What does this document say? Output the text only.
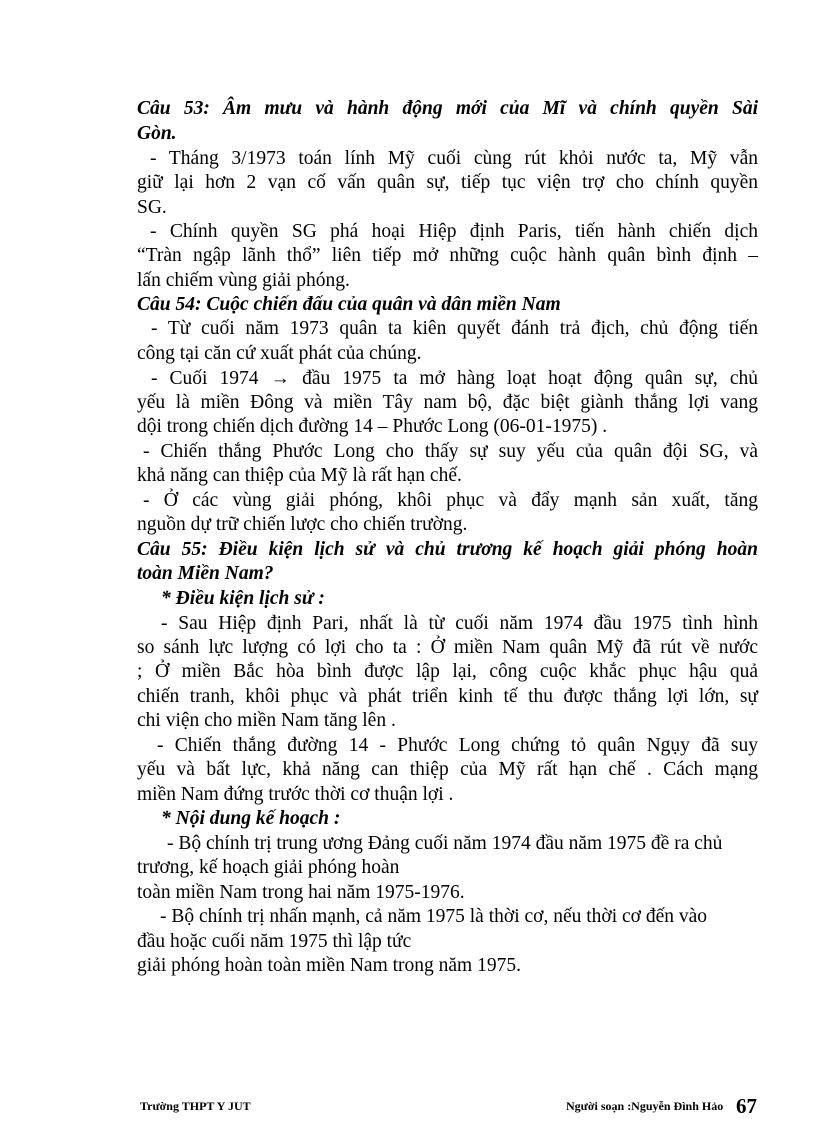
Câu 53: Âm mưu và hành động mới của Mĩ và chính quyền Sài
Gòn.
- Tháng 3/1973 toán lính Mỹ cuối cùng rút khỏi nước ta, Mỹ vẫn
giữ lại hơn 2 vạn cố vấn quân sự, tiếp tục viện trợ cho chính quyền
SG.
- Chính quyền SG phá hoại Hiệp định Paris, tiến hành chiến dịch
“Tràn ngập lãnh thổ” liên tiếp mở những cuộc hành quân bình định –
lấn chiếm vùng giải phóng.
Câu 54: Cuộc chiến đấu của quân và dân miền Nam
- Từ cuối năm 1973 quân ta kiên quyết đánh trả địch, chủ động tiến
công tại căn cứ xuất phát của chúng.
- Cuối 1974 → đầu 1975 ta mở hàng loạt hoạt động quân sự, chủ
yếu là miền Đông và miền Tây nam bộ, đặc biệt giành thắng lợi vang
dội trong chiến dịch đường 14 – Phước Long (06-01-1975) .
- Chiến thắng Phước Long cho thấy sự suy yếu của quân đội SG, và
khả năng can thiệp của Mỹ là rất hạn chế.
- Ở các vùng giải phóng, khôi phục và đẩy mạnh sản xuất, tăng
nguồn dự trữ chiến lược cho chiến trường.
Câu 55: Điều kiện lịch sử và chủ trương kế hoạch giải phóng hoàn
toàn Miền Nam?
* Điều kiện lịch sử :
- Sau Hiệp định Pari, nhất là từ cuối năm 1974 đầu 1975 tình hình
so sánh lực lượng có lợi cho ta : Ở miền Nam quân Mỹ đã rút về nước
; Ở miền Bắc hòa bình được lập lại, công cuộc khắc phục hậu quả
chiến tranh, khôi phục và phát triển kinh tế thu được thắng lợi lớn, sự
chi viện cho miền Nam tăng lên .
- Chiến thắng đường 14 - Phước Long chứng tỏ quân Ngụy đã suy
yếu và bất lực, khả năng can thiệp của Mỹ rất hạn chế . Cách mạng
miền Nam đứng trước thời cơ thuận lợi .
* Nội dung kế hoạch :
- Bộ chính trị trung ương Đảng cuối năm 1974 đầu năm 1975 đề ra chủ
trương, kế hoạch giải phóng hoàn
toàn miền Nam trong hai năm 1975-1976.
- Bộ chính trị nhấn mạnh, cả năm 1975 là thời cơ, nếu thời cơ đến vào
đầu hoặc cuối năm 1975 thì lập tức
giải phóng hoàn toàn miền Nam trong năm 1975.
Trường THPT Y JUT	Người soạn :Nguyễn Đình Hảo 67
